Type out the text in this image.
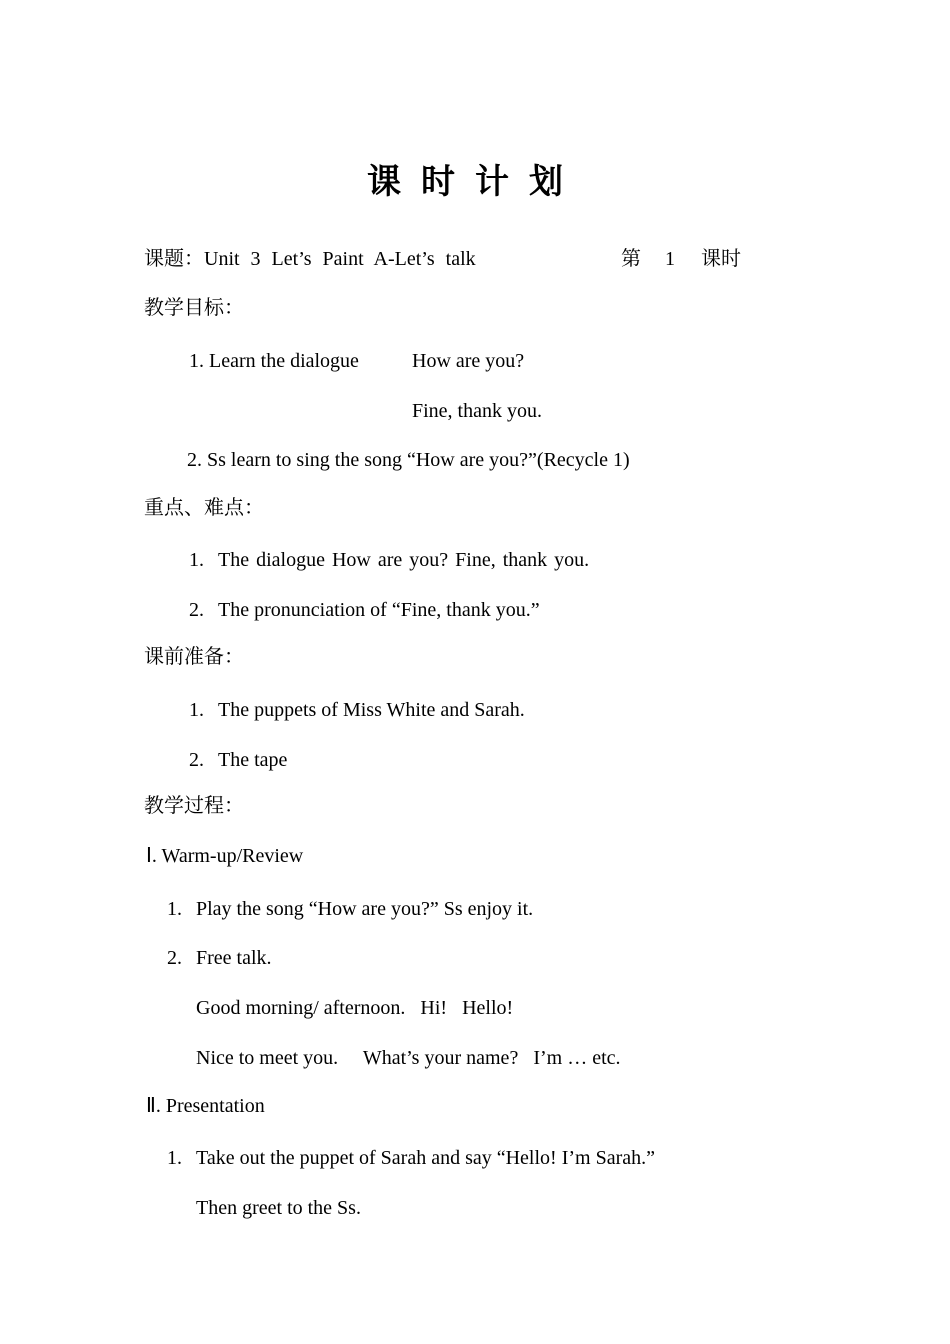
课时计划
课题：Unit 3 Let’s Paint A-Let’s talk	第 1 课时
教学目标：
1. Learn the dialogue	How are you?
Fine, thank you.
2. Ss learn to sing the song “How are you?”(Recycle 1)
重点、难点：
1. The dialogue How are you? Fine, thank you.
2. The pronunciation of “Fine, thank you.”
课前准备：
1. The puppets of Miss White and Sarah.
2. The tape
教学过程：
Ⅰ. Warm-up/Review
1. Play the song “How are you?” Ss enjoy it.
2. Free talk.
Good morning/ afternoon.   Hi!   Hello!
Nice to meet you.     What’s your name?   I’m … etc.
Ⅱ. Presentation
1. Take out the puppet of Sarah and say “Hello! I’m Sarah.”
Then greet to the Ss.
